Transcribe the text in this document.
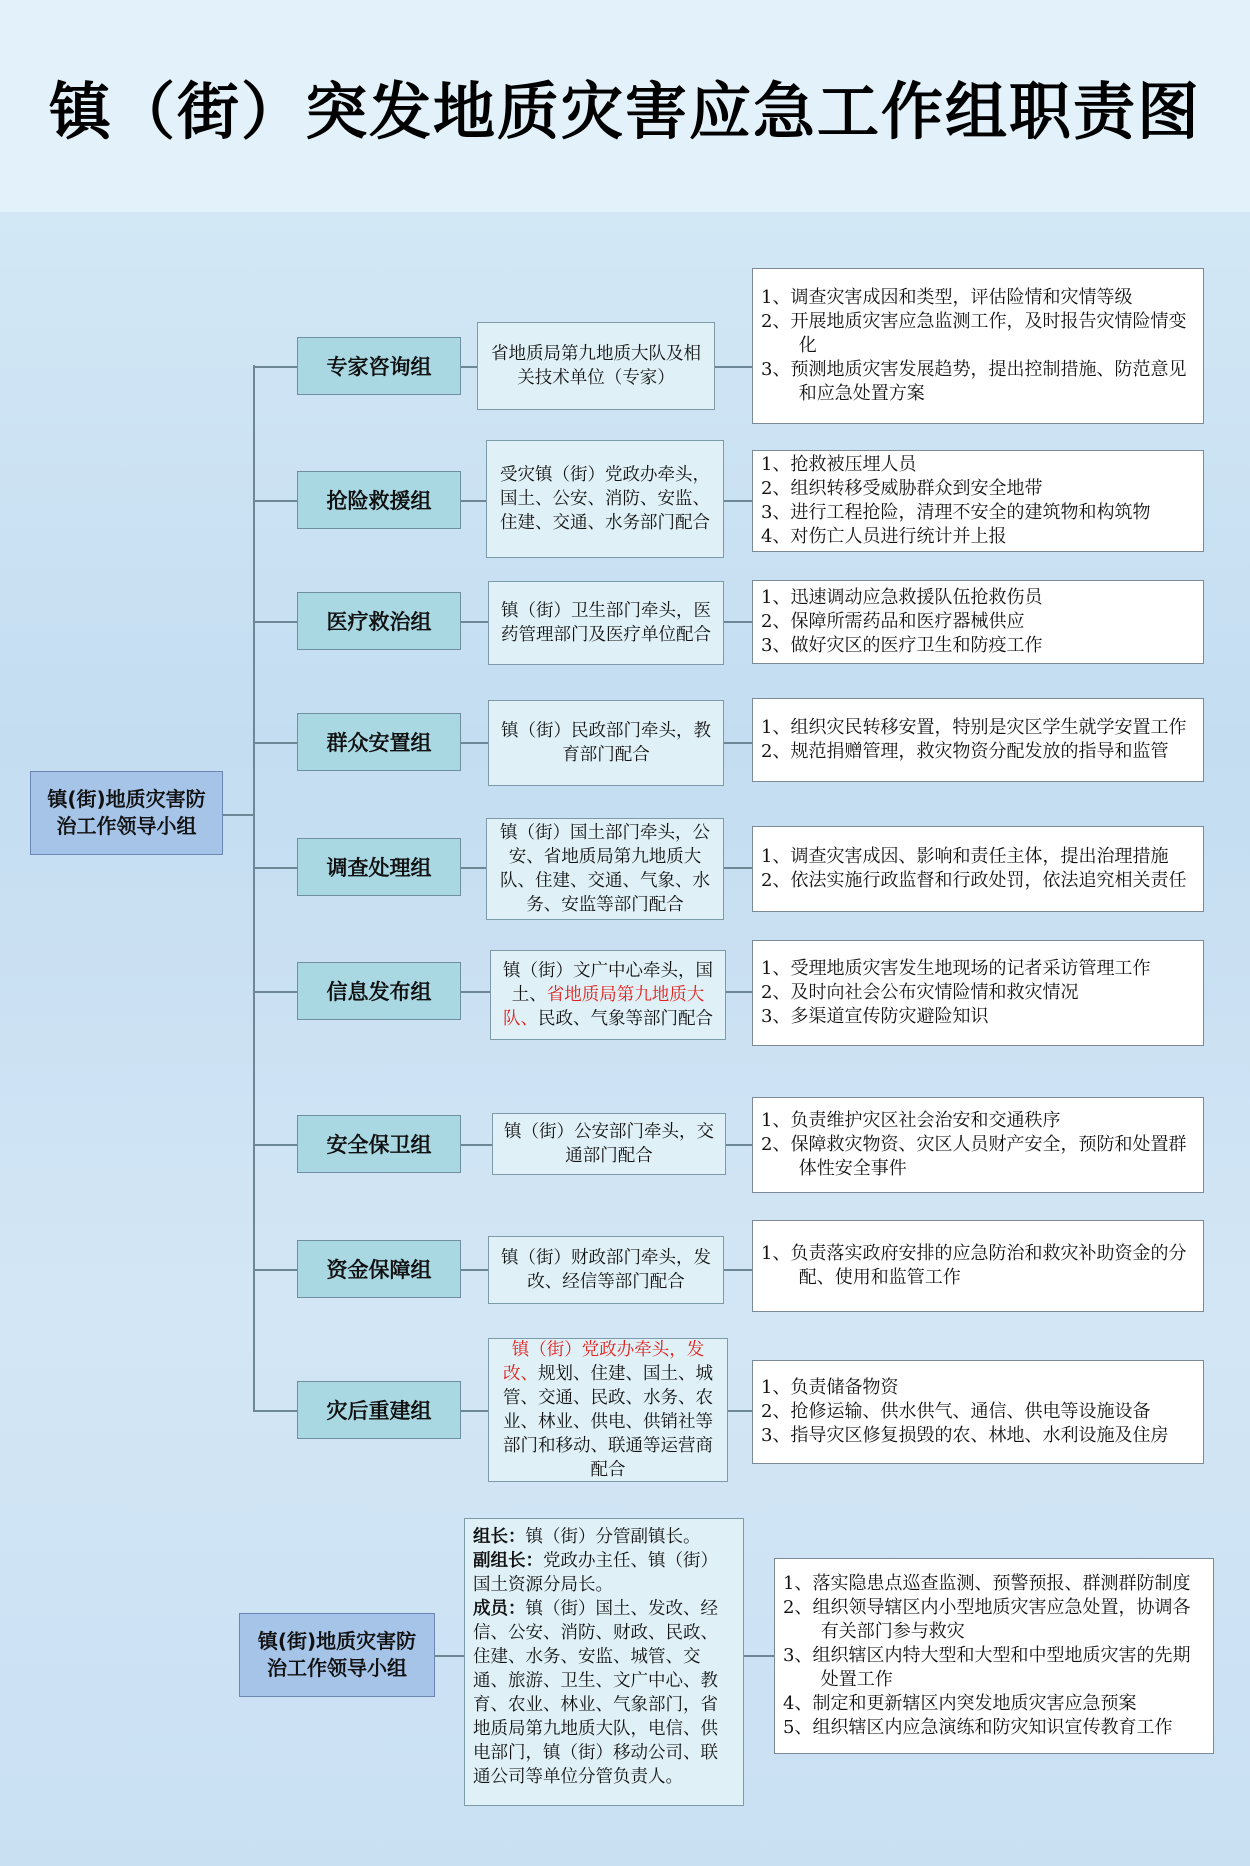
镇（街）突发地质灾害应急工作组职责图
镇(街)地质灾害防治工作领导小组
专家咨询组
省地质局第九地质大队及相关技术单位（专家）
1、调查灾害成因和类型，评估险情和灾情等级
2、开展地质灾害应急监测工作，及时报告灾情险情变化
3、预测地质灾害发展趋势，提出控制措施、防范意见和应急处置方案
抢险救援组
受灾镇（街）党政办牵头，国土、公安、消防、安监、住建、交通、水务部门配合
1、抢救被压埋人员
2、组织转移受威胁群众到安全地带
3、进行工程抢险，清理不安全的建筑物和构筑物
4、对伤亡人员进行统计并上报
医疗救治组	镇（街）卫生部门牵头，医药管理部门及医疗单位配合
1、迅速调动应急救援队伍抢救伤员
2、保障所需药品和医疗器械供应
3、做好灾区的医疗卫生和防疫工作
群众安置组	镇（街）民政部门牵头，教育部门配合
1、组织灾民转移安置，特别是灾区学生就学安置工作
2、规范捐赠管理，救灾物资分配发放的指导和监管
调查处理组
镇（街）国土部门牵头，公安、省地质局第九地质大队、住建、交通、气象、水务、安监等部门配合
1、调查灾害成因、影响和责任主体，提出治理措施
2、依法实施行政监督和行政处罚，依法追究相关责任
信息发布组
镇（街）文广中心牵头，国土、省地质局第九地质大队、民政、气象等部门配合
1、受理地质灾害发生地现场的记者采访管理工作
2、及时向社会公布灾情险情和救灾情况
3、多渠道宣传防灾避险知识
安全保卫组
镇（街）公安部门牵头，交通部门配合
1、负责维护灾区社会治安和交通秩序
2、保障救灾物资、灾区人员财产安全，预防和处置群体性安全事件
资金保障组	镇（街）财政部门牵头，发改、经信等部门配合
1、负责落实政府安排的应急防治和救灾补助资金的分配、使用和监管工作
灾后重建组
镇（街）党政办牵头，发改、规划、住建、国土、城管、交通、民政、水务、农业、林业、供电、供销社等部门和移动、联通等运营商配合
1、负责储备物资
2、抢修运输、供水供气、通信、供电等设施设备
3、指导灾区修复损毁的农、林地、水利设施及住房
镇(街)地质灾害防治工作领导小组

组长：镇（街）分管副镇长。

副组长：党政办主任、镇（街）国土资源分局长。

成员：镇（街）国土、发改、经信、公安、消防、财政、民政、住建、水务、安监、城管、交通、旅游、卫生、文广中心、教育、农业、林业、气象部门，省地质局第九地质大队，电信、供电部门，镇（街）移动公司、联通公司等单位分管负责人。

1、落实隐患点巡查监测、预警预报、群测群防制度
2、组织领导辖区内小型地质灾害应急处置，协调各有关部门参与救灾
3、组织辖区内特大型和大型和中型地质灾害的先期处置工作
4、制定和更新辖区内突发地质灾害应急预案
5、组织辖区内应急演练和防灾知识宣传教育工作
